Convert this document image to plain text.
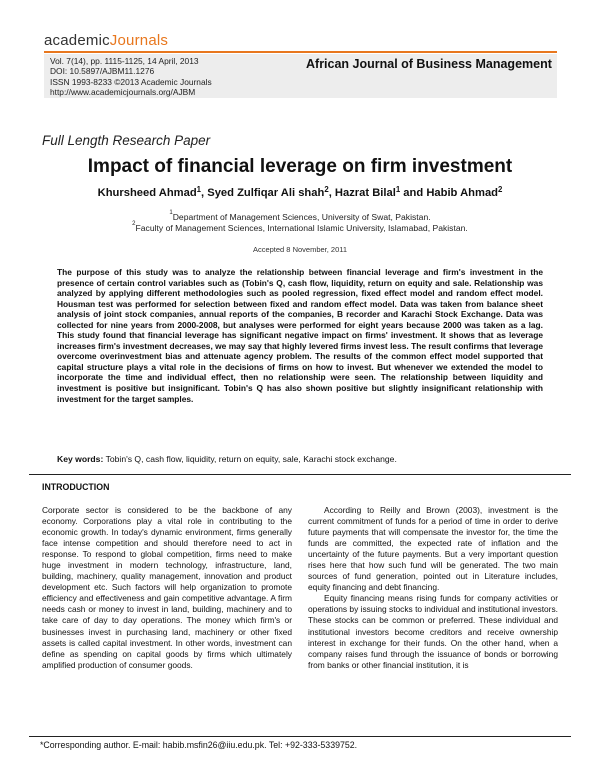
academicJournals
Vol. 7(14), pp. 1115-1125, 14 April, 2013
DOI: 10.5897/AJBM11.1276
ISSN 1993-8233 ©2013 Academic Journals
http://www.academicjournals.org/AJBM
African Journal of Business Management
Full Length Research Paper
Impact of financial leverage on firm investment
Khursheed Ahmad$^1$, Syed Zulfiqar Ali shah$^2$, Hazrat Bilal$^1$ and Habib Ahmad$^2$
$^1$Department of Management Sciences, University of Swat, Pakistan.
$^2$Faculty of Management Sciences, International Islamic University, Islamabad, Pakistan.
Accepted 8 November, 2011
The purpose of this study was to analyze the relationship between financial leverage and firm's investment in the presence of certain control variables such as (Tobin's Q, cash flow, liquidity, return on equity and sale. Relationship was analyzed by applying different methodologies such as pooled regression, fixed effect model and random effect model. Housman test was performed for selection between fixed and random effect model. Data was taken from balance sheet analysis of joint stock companies, annual reports of the companies, B recorder and Karachi Stock Exchange. Data was collected for nine years from 2000-2008, but analyses were performed for eight years because 2000 was taken as a lag. This study found that financial leverage has significant negative impact on firms' investment. It shows that as leverage increases firm's investment decreases, we may say that highly levered firms invest less. The result confirms that leverage overcome overinvestment bias and attenuate agency problem. The results of the common effect model supported that capital structure plays a vital role in the decisions of firms on how to invest. But whenever we extended the model to incorporate the time and individual effect, then no relationship were seen. The relationship between liquidity and investment is positive but insignificant. Tobin's Q has also shown positive but slightly insignificant relationship with investment for the target samples.
Key words: Tobin's Q, cash flow, liquidity, return on equity, sale, Karachi stock exchange.
INTRODUCTION

Corporate sector is considered to be the backbone of any economy. Corporations play a vital role in contributing to the economic growth. In today's dynamic environment, firms generally face intense competition and should therefore need to act in response. To respond to global competition, firms need to make huge investment in modern technology, infrastructure, land, building, machinery, quality management, innovation and product development etc. Such factors will help organization to promote efficiency and effectiveness and gain competitive advantage. A firm needs cash or money to invest in land, building, machinery and to take care of day to day operations. The money which firm's or businesses invest in purchasing land, machinery or other fixed assets is called capital investment. In other words, investment can define as spending on capital goods by firms which ultimately amplified production of consumer goods.

According to Reilly and Brown (2003), investment is the current commitment of funds for a period of time in order to derive future payments that will compensate the investor for, the time the funds are committed, the expected rate of inflation and the uncertainty of the future payments. But a very important question rises here that how such fund will be generated. The two main sources of fund generation, pointed out in Literature includes, equity financing and debt financing.

Equity financing means rising funds for company activities or operations by issuing stocks to individual and institutional investors. These stocks can be common or preferred. These individual and institutional investors become creditors and receive ownership interest in exchange for their funds. On the other hand, when a company raises fund through the issuance of bonds or borrowing from banks or other financial institution, it is

*Corresponding author. E-mail: habib.msfin26@iiu.edu.pk. Tel: +92-333-5339752.
